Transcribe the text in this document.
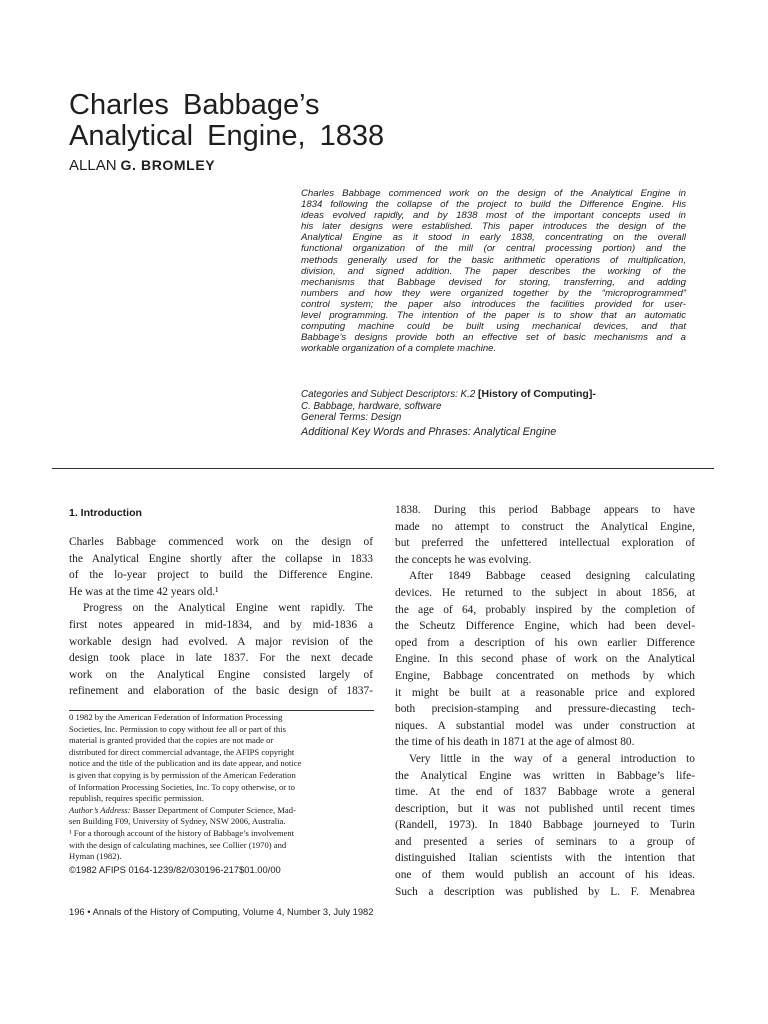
Charles Babbage’s
Analytical Engine, 1838
ALLAN G. BROMLEY
Charles Babbage commenced work on the design of the Analytical Engine in
1834 following the collapse of the project to build the Difference Engine. His
ideas evolved rapidly, and by 1838 most of the important concepts used in
his later designs were established. This paper introduces the design of the
Analytical Engine as it stood in early 1838, concentrating on the overall
functional organization of the mill (or central processing portion) and the
methods generally used for the basic arithmetic operations of multiplication,
division, and signed addition. The paper describes the working of the
mechanisms that Babbage devised for storing, transferring, and adding
numbers and how they were organized together by the “microprogrammed”
control system; the paper also introduces the facilities provided for user-
level programming. The intention of the paper is to show that an automatic
computing machine could be built using mechanical devices, and that
Babbage’s designs provide both an effective set of basic mechanisms and a
workable organization of a complete machine.
Categories and Subject Descriptors: K.2 [History of Computing]-
C. Babbage, hardware, software
General Terms: Design
Additional Key Words and Phrases: Analytical Engine
1. Introduction
Charles Babbage commenced work on the design of
the Analytical Engine shortly after the collapse in 1833
of the lo-year project to build the Difference Engine.
He was at the time 42 years old.¹
Progress on the Analytical Engine went rapidly. The
first notes appeared in mid-1834, and by mid-1836 a
workable design had evolved. A major revision of the
design took place in late 1837. For the next decade
work on the Analytical Engine consisted largely of
refinement and elaboration of the basic design of 1837-
1838. During this period Babbage appears to have
made no attempt to construct the Analytical Engine,
but preferred the unfettered intellectual exploration of
the concepts he was evolving.
After 1849 Babbage ceased designing calculating
devices. He returned to the subject in about 1856, at
the age of 64, probably inspired by the completion of
the Scheutz Difference Engine, which had been devel-
oped from a description of his own earlier Difference
Engine. In this second phase of work on the Analytical
Engine, Babbage concentrated on methods by which
it might be built at a reasonable price and explored
both precision-stamping and pressure-diecasting tech-
niques. A substantial model was under construction at
the time of his death in 1871 at the age of almost 80.
Very little in the way of a general introduction to
the Analytical Engine was written in Babbage’s life-
time. At the end of 1837 Babbage wrote a general
description, but it was not published until recent times
(Randell, 1973). In 1840 Babbage journeyed to Turin
and presented a series of seminars to a group of
distinguished Italian scientists with the intention that
one of them would publish an account of his ideas.
Such a description was published by L. F. Menabrea
0 1982 by the American Federation of Information Processing
Societies, Inc. Permission to copy without fee all or part of this
material is granted provided that the copies are not made or
distributed for direct commercial advantage, the AFIPS copyright
notice and the title of the publication and its date appear, and notice
is given that copying is by permission of the American Federation
of Information Processing Societies, Inc. To copy otherwise, or to
republish, requires specific permission.
Author’s Address: Basser Department of Computer Science, Mad-
sen Building F09, University of Sydney, NSW 2006, Australia.
¹ For a thorough account of the history of Babbage’s involvement
with the design of calculating machines, see Collier (1970) and
Hyman (1982).
©1982 AFIPS 0164-1239/82/030196-217$01.00/00
196 • Annals of the History of Computing, Volume 4, Number 3, July 1982
